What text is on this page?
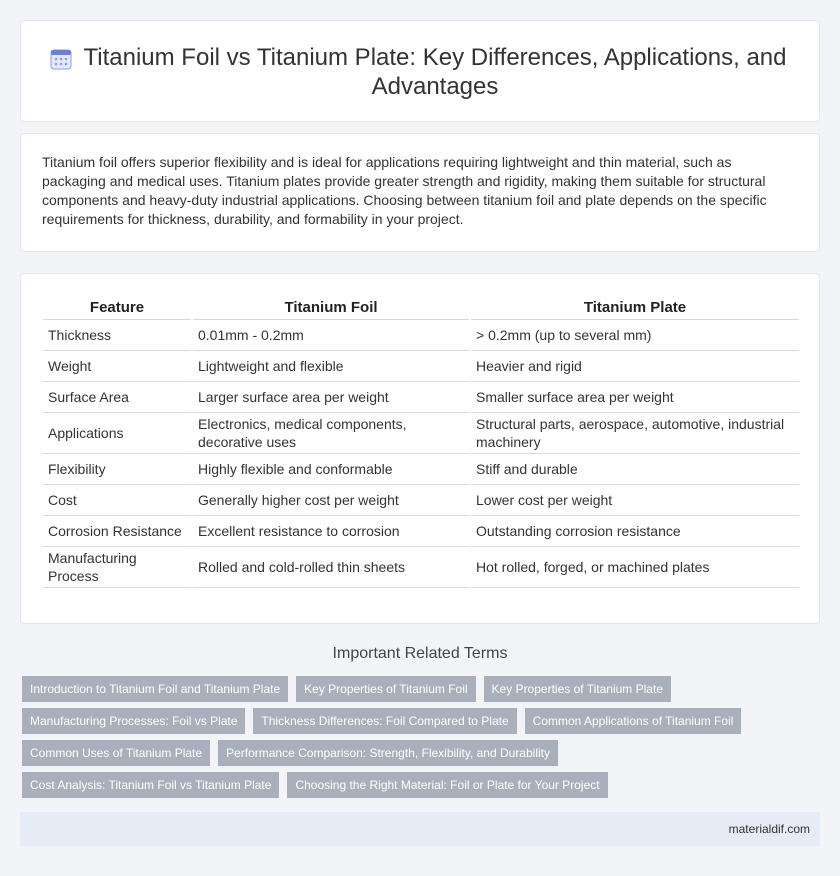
Titanium Foil vs Titanium Plate: Key Differences, Applications, and Advantages

Titanium foil offers superior flexibility and is ideal for applications requiring lightweight and thin material, such as packaging and medical uses. Titanium plates provide greater strength and rigidity, making them suitable for structural components and heavy-duty industrial applications. Choosing between titanium foil and plate depends on the specific requirements for thickness, durability, and formability in your project.

Feature		Titanium Foil		Titanium Plate
Thickness		0.01mm - 0.2mm		> 0.2mm (up to several mm)
Weight		Lightweight and flexible		Heavier and rigid
Surface Area		Larger surface area per weight		Smaller surface area per weight
Applications		Electronics, medical components, decorative uses		Structural parts, aerospace, automotive, industrial machinery
Flexibility		Highly flexible and conformable		Stiff and durable
Cost		Generally higher cost per weight		Lower cost per weight
Corrosion Resistance		Excellent resistance to corrosion		Outstanding corrosion resistance
Manufacturing Process		Rolled and cold-rolled thin sheets		Hot rolled, forged, or machined plates
Important Related Terms
Introduction to Titanium Foil and Titanium Plate	Key Properties of Titanium Foil	Key Properties of Titanium Plate
Manufacturing Processes: Foil vs Plate	Thickness Differences: Foil Compared to Plate	Common Applications of Titanium Foil
Common Uses of Titanium Plate	Performance Comparison: Strength, Flexibility, and Durability
Cost Analysis: Titanium Foil vs Titanium Plate	Choosing the Right Material: Foil or Plate for Your Project
materialdif.com
